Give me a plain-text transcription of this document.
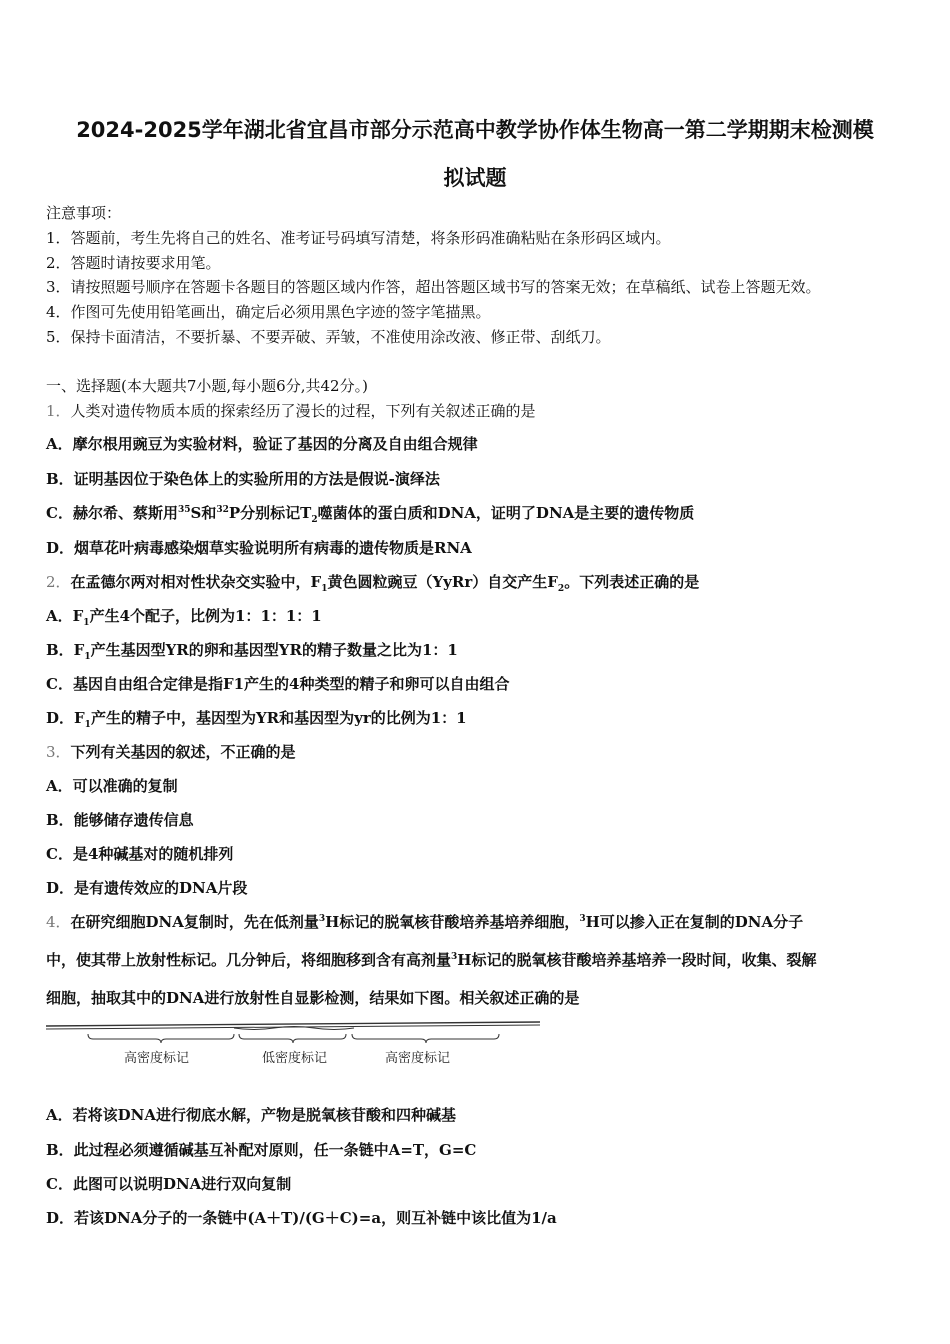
2024-2025学年湖北省宜昌市部分示范高中教学协作体生物高一第二学期期末检测模
拟试题
注意事项：
1．答题前，考生先将自己的姓名、准考证号码填写清楚，将条形码准确粘贴在条形码区域内。
2．答题时请按要求用笔。
3．请按照题号顺序在答题卡各题目的答题区域内作答，超出答题区域书写的答案无效；在草稿纸、试卷上答题无效。
4．作图可先使用铅笔画出，确定后必须用黑色字迹的签字笔描黑。
5．保持卡面清洁，不要折暴、不要弄破、弄皱，不准使用涂改液、修正带、刮纸刀。
一、选择题(本大题共7小题,每小题6分,共42分。)
1．人类对遗传物质本质的探索经历了漫长的过程，下列有关叙述正确的是
A．摩尔根用豌豆为实验材料，验证了基因的分离及自由组合规律
B．证明基因位于染色体上的实验所用的方法是假说-演绎法
C．赫尔希、蔡斯用$^{35}$S和$^{32}$P分别标记$T_2$噬菌体的蛋白质和DNA，证明了DNA是主要的遗传物质
D．烟草花叶病毒感染烟草实验说明所有病毒的遗传物质是RNA
2．在孟德尔两对相对性状杂交实验中，$F_1$黄色圆粒豌豆（YyRr）自交产生$F_2$。下列表述正确的是
A．$F_1$产生4个配子，比例为1：1：1：1
B．$F_1$产生基因型YR的卵和基因型YR的精子数量之比为1：1
C．基因自由组合定律是指F1产生的4种类型的精子和卵可以自由组合
D．$F_1$产生的精子中，基因型为YR和基因型为yr的比例为1：1
3．下列有关基因的叙述，不正确的是
A．可以准确的复制
B．能够储存遗传信息
C．是4种碱基对的随机排列
D．是有遗传效应的DNA片段
4．在研究细胞DNA复制时，先在低剂量$^3$H标记的脱氧核苷酸培养基培养细胞，$^3$H可以掺入正在复制的DNA分子
中，使其带上放射性标记。几分钟后，将细胞移到含有高剂量$^3$H标记的脱氧核苷酸培养基培养一段时间，收集、裂解
细胞，抽取其中的DNA进行放射性自显影检测，结果如下图。相关叙述正确的是
高密度标记	低密度标记	高密度标记
A．若将该DNA进行彻底水解，产物是脱氧核苷酸和四种碱基
B．此过程必须遵循碱基互补配对原则，任一条链中A=T，G=C
C．此图可以说明DNA进行双向复制
D．若该DNA分子的一条链中(A＋T)/(G＋C)=a，则互补链中该比值为1/a
